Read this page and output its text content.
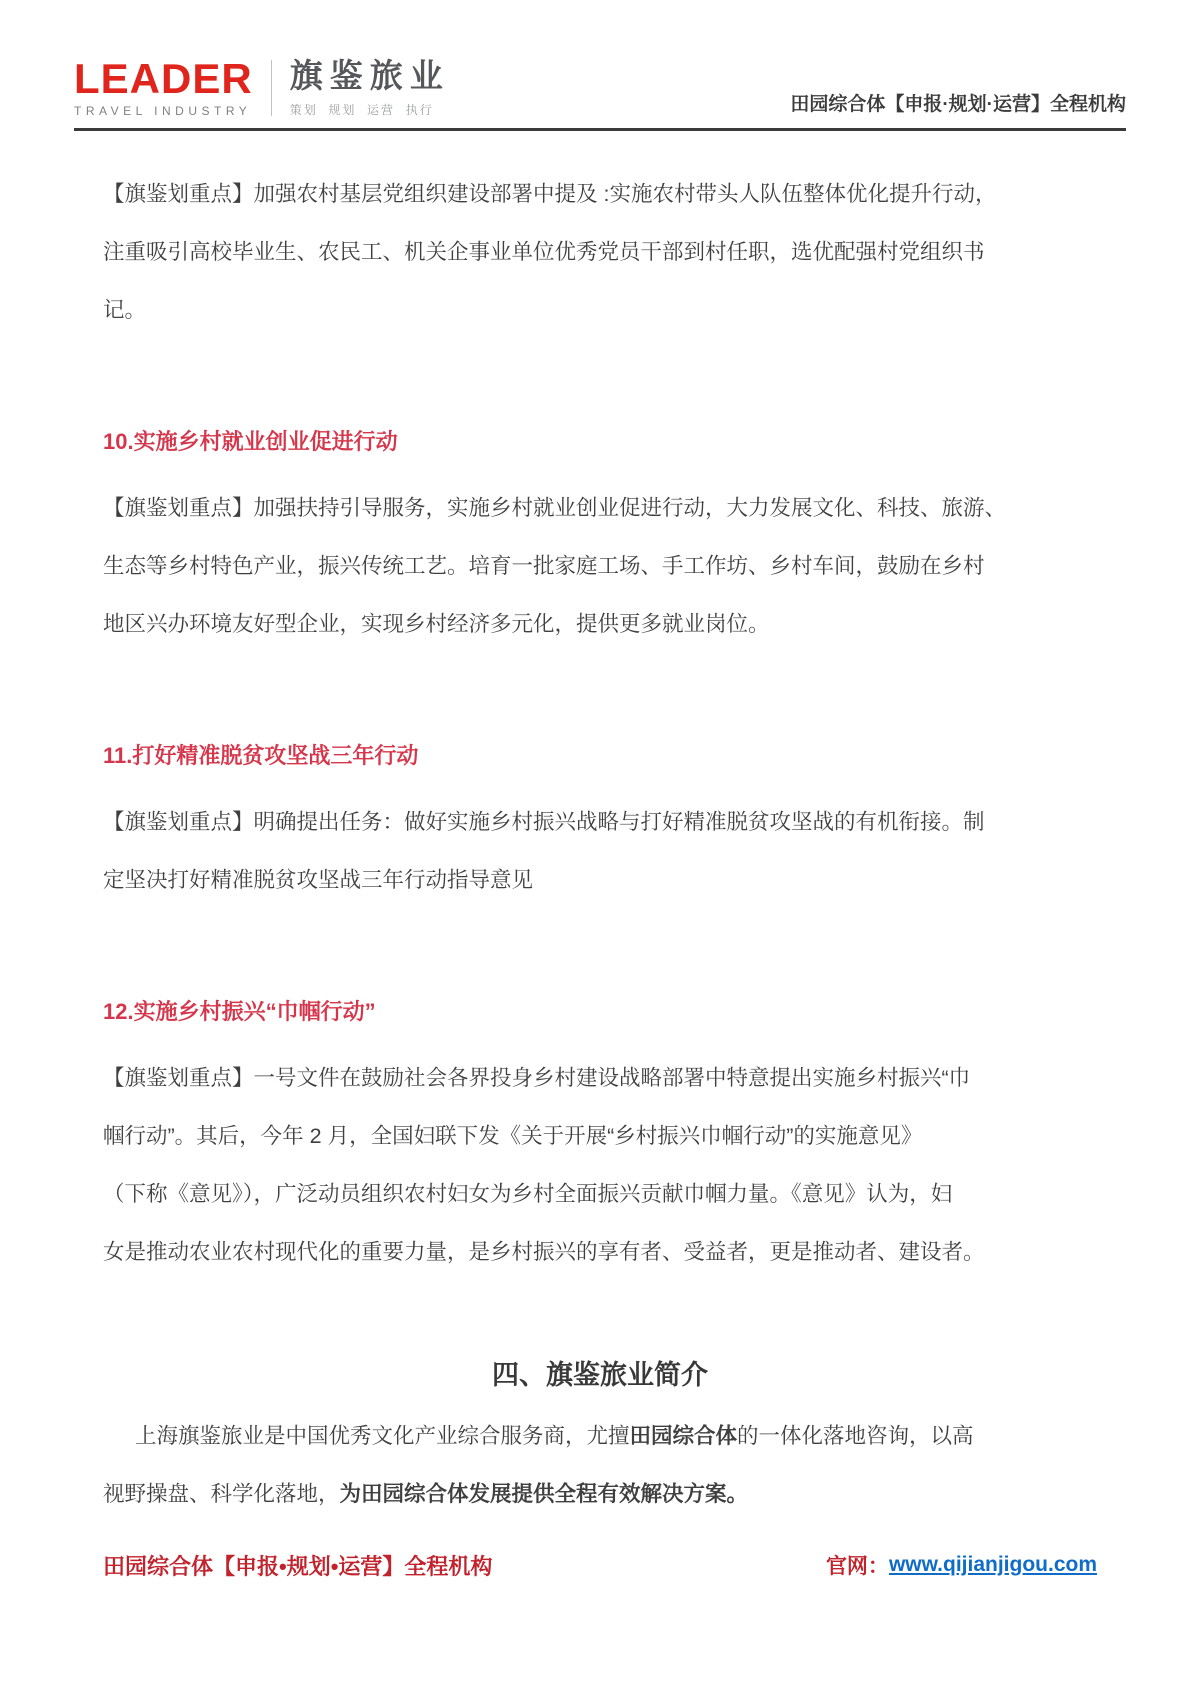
LEADER
TRAVEL INDUSTRY
旗鉴旅业
策划  规划  运营  执行	田园综合体【申报·规划·运营】全程机构
【旗鉴划重点】加强农村基层党组织建设部署中提及 :实施农村带头人队伍整体优化提升行动，
注重吸引高校毕业生、农民工、机关企事业单位优秀党员干部到村任职，选优配强村党组织书
记。
10.实施乡村就业创业促进行动
【旗鉴划重点】加强扶持引导服务，实施乡村就业创业促进行动，大力发展文化、科技、旅游、
生态等乡村特色产业，振兴传统工艺。培育一批家庭工场、手工作坊、乡村车间，鼓励在乡村
地区兴办环境友好型企业，实现乡村经济多元化，提供更多就业岗位。
11.打好精准脱贫攻坚战三年行动
【旗鉴划重点】明确提出任务：做好实施乡村振兴战略与打好精准脱贫攻坚战的有机衔接。制
定坚决打好精准脱贫攻坚战三年行动指导意见
12.实施乡村振兴“巾帼行动”
【旗鉴划重点】一号文件在鼓励社会各界投身乡村建设战略部署中特意提出实施乡村振兴“巾
帼行动”。其后，今年 2 月，全国妇联下发《关于开展“乡村振兴巾帼行动”的实施意见》
（下称《意见》），广泛动员组织农村妇女为乡村全面振兴贡献巾帼力量。《意见》认为，妇
女是推动农业农村现代化的重要力量，是乡村振兴的享有者、受益者，更是推动者、建设者。
四、旗鉴旅业简介
上海旗鉴旅业是中国优秀文化产业综合服务商，尤擅 田园综合体 的一体化落地咨询，以高
视野操盘、科学化落地， 为田园综合体发展提供全程有效解决方案。
田园综合体【申报•规划•运营】全程机构	官网： www.qijianjigou.com
